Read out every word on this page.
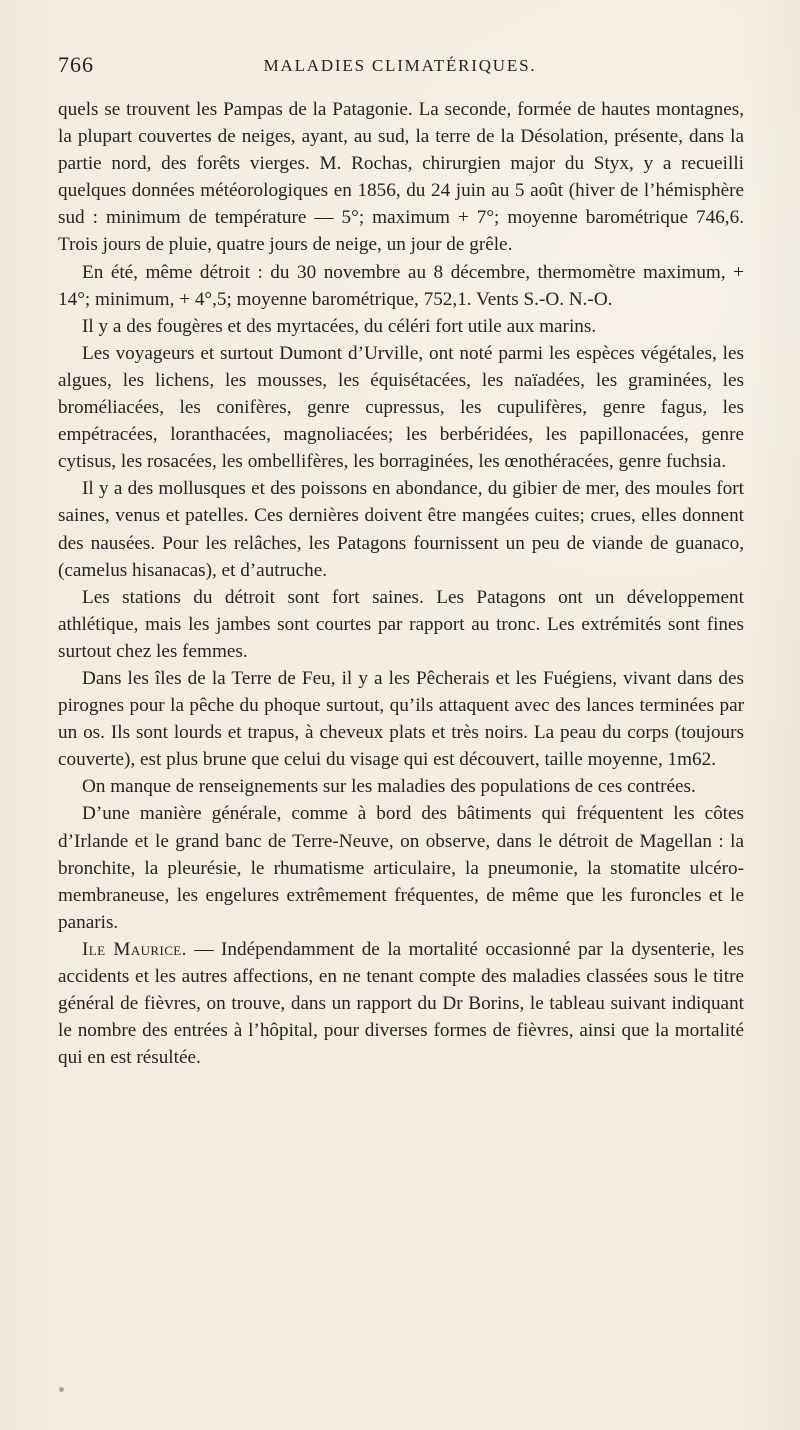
766	MALADIES CLIMATÉRIQUES.

quels se trouvent les Pampas de la Patagonie. La seconde, formée de hautes montagnes, la plupart couvertes de neiges, ayant, au sud, la terre de la Désolation, présente, dans la partie nord, des forêts vierges. M. Rochas, chirurgien major du Styx, y a recueilli quelques données météorologiques en 1856, du 24 juin au 5 août (hiver de l’hémisphère sud : minimum de température — 5°; maximum + 7°; moyenne barométrique 746,6. Trois jours de pluie, quatre jours de neige, un jour de grêle.

En été, même détroit : du 30 novembre au 8 décembre, thermomètre maximum, + 14°; minimum, + 4°,5; moyenne barométrique, 752,1. Vents S.-O. N.-O.

Il y a des fougères et des myrtacées, du céléri fort utile aux marins.

Les voyageurs et surtout Dumont d’Urville, ont noté parmi les espèces végétales, les algues, les lichens, les mousses, les équisétacées, les naïadées, les graminées, les broméliacées, les conifères, genre cupressus, les cupulifères, genre fagus, les empétracées, loranthacées, magnoliacées; les berbéridées, les papillonacées, genre cytisus, les rosacées, les ombellifères, les borraginées, les œnothéracées, genre fuchsia.

Il y a des mollusques et des poissons en abondance, du gibier de mer, des moules fort saines, venus et patelles. Ces dernières doivent être mangées cuites; crues, elles donnent des nausées. Pour les relâches, les Patagons fournissent un peu de viande de guanaco, (camelus hisanacas), et d’autruche.

Les stations du détroit sont fort saines. Les Patagons ont un développement athlétique, mais les jambes sont courtes par rapport au tronc. Les extrémités sont fines surtout chez les femmes.

Dans les îles de la Terre de Feu, il y a les Pêcherais et les Fuégiens, vivant dans des pirognes pour la pêche du phoque surtout, qu’ils attaquent avec des lances terminées par un os. Ils sont lourds et trapus, à cheveux plats et très noirs. La peau du corps (toujours couverte), est plus brune que celui du visage qui est découvert, taille moyenne, 1m62.

On manque de renseignements sur les maladies des populations de ces contrées.

D’une manière générale, comme à bord des bâtiments qui fréquentent les côtes d’Irlande et le grand banc de Terre-Neuve, on observe, dans le détroit de Magellan : la bronchite, la pleurésie, le rhumatisme articulaire, la pneumonie, la stomatite ulcéro-membraneuse, les engelures extrêmement fréquentes, de même que les furoncles et le panaris.

Ile Maurice. — Indépendamment de la mortalité occasionné par la dysenterie, les accidents et les autres affections, en ne tenant compte des maladies classées sous le titre général de fièvres, on trouve, dans un rapport du Dr Borins, le tableau suivant indiquant le nombre des entrées à l’hôpital, pour diverses formes de fièvres, ainsi que la mortalité qui en est résultée.
